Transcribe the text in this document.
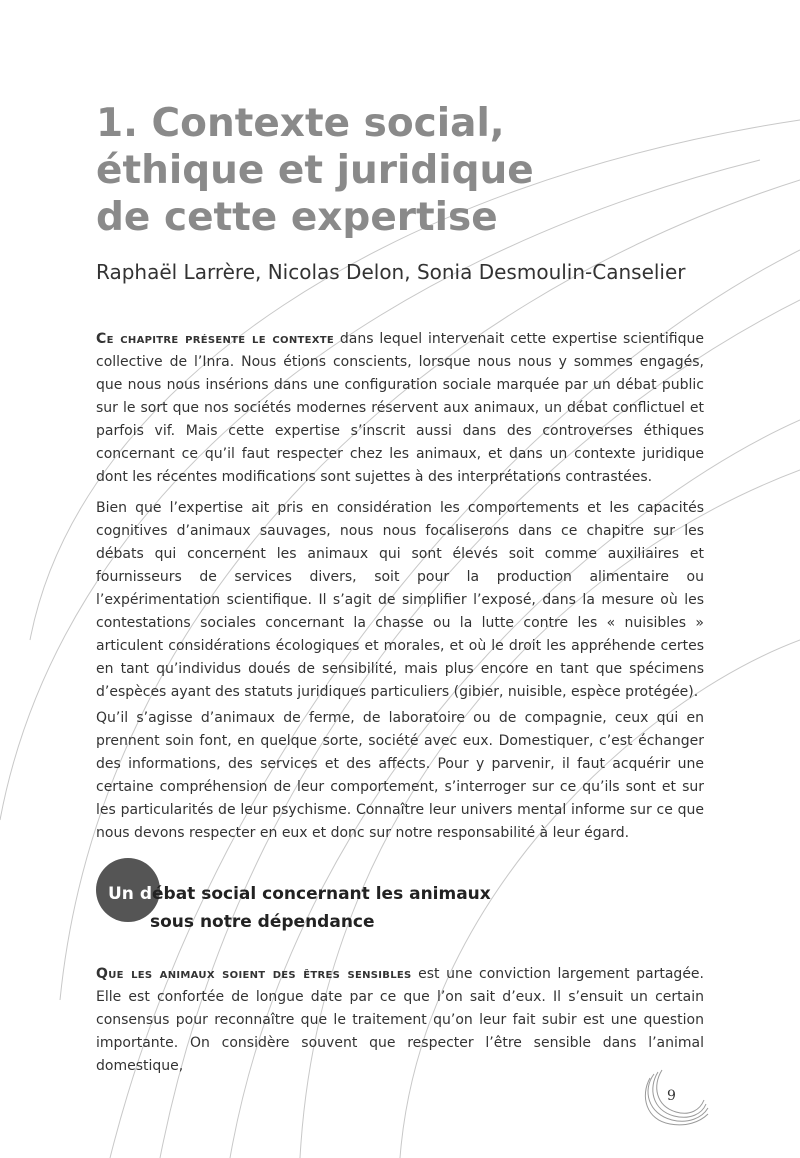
1. Contexte social,
éthique et juridique
de cette expertise

Raphaël Larrère, Nicolas Delon, Sonia Desmoulin-Canselier

Ce chapitre présente le contexte dans lequel intervenait cette expertise scientifique collective de l’Inra. Nous étions conscients, lorsque nous nous y sommes engagés, que nous nous insérions dans une configuration sociale marquée par un débat public sur le sort que nos sociétés modernes réservent aux animaux, un débat conflictuel et parfois vif. Mais cette expertise s’inscrit aussi dans des controverses éthiques concernant ce qu’il faut respecter chez les animaux, et dans un contexte juridique dont les récentes modifications sont sujettes à des interprétations contrastées.

Bien que l’expertise ait pris en considération les comportements et les capacités cognitives d’animaux sauvages, nous nous focaliserons dans ce chapitre sur les débats qui concernent les animaux qui sont élevés soit comme auxiliaires et fournisseurs de services divers, soit pour la production alimentaire ou l’expérimentation scientifique. Il s’agit de simplifier l’exposé, dans la mesure où les contestations sociales concernant la chasse ou la lutte contre les « nuisibles » articulent considérations écologiques et morales, et où le droit les appréhende certes en tant qu’individus doués de sensibilité, mais plus encore en tant que spécimens d’espèces ayant des statuts juridiques particuliers (gibier, nuisible, espèce protégée).

Qu’il s’agisse d’animaux de ferme, de laboratoire ou de compagnie, ceux qui en prennent soin font, en quelque sorte, société avec eux. Domestiquer, c’est échanger des informations, des services et des affects. Pour y parvenir, il faut acquérir une certaine compréhension de leur comportement, s’interroger sur ce qu’ils sont et sur les particularités de leur psychisme. Connaître leur univers mental informe sur ce que nous devons respecter en eux et donc sur notre responsabilité à leur égard.

Un débat social concernant les animaux
sous notre dépendance

Que les animaux soient des êtres sensibles est une conviction largement partagée. Elle est confortée de longue date par ce que l’on sait d’eux. Il s’ensuit un certain consensus pour reconnaître que le traitement qu’on leur fait subir est une question importante. On considère souvent que respecter l’être sensible dans l’animal domestique,

9
